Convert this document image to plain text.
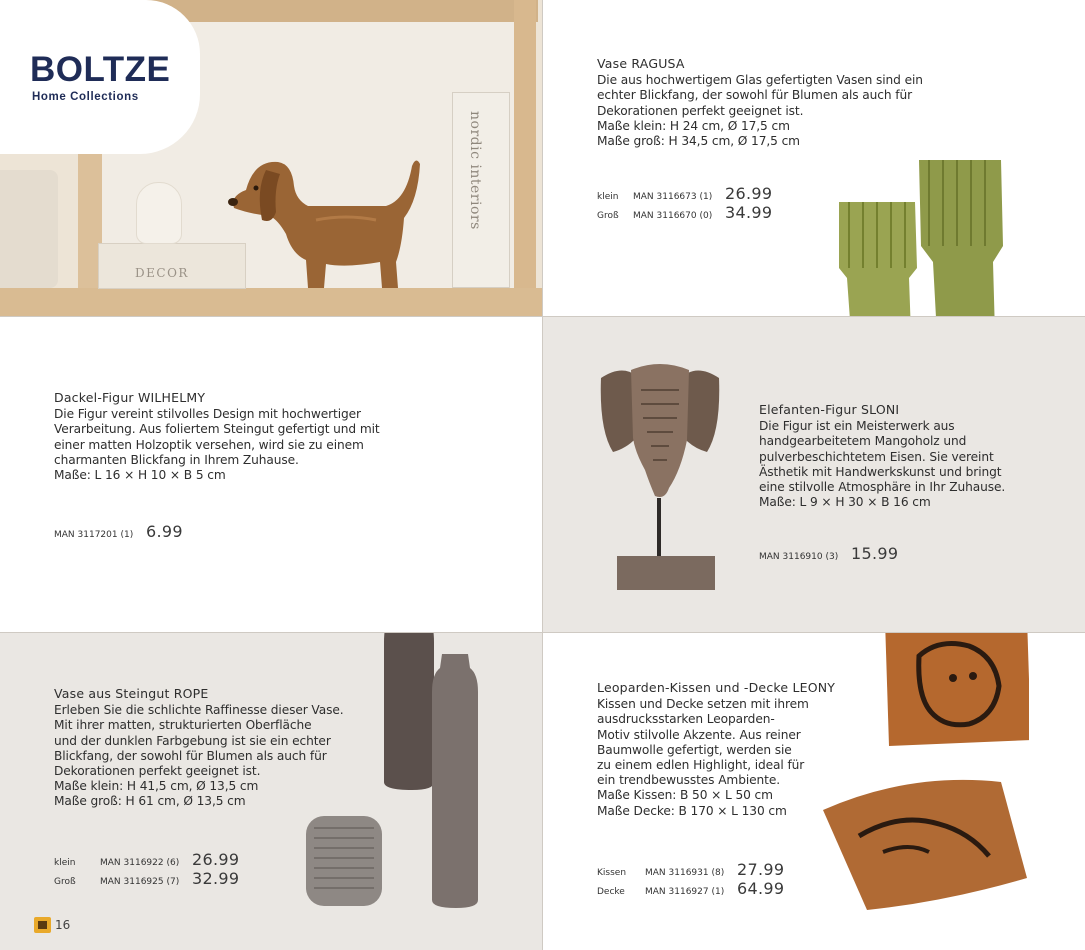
DECOR
nordic interiors
BOLTZE
Home Collections
Vase RAGUSA
Die aus hochwertigem Glas gefertigten Vasen sind ein
echter Blickfang, der sowohl für Blumen als auch für
Dekorationen perfekt geeignet ist.
Maße klein: H 24 cm, Ø 17,5 cm
Maße groß: H 34,5 cm, Ø 17,5 cm
klein	MAN 3116673 (1) 26.99
Groß	MAN 3116670 (0) 34.99
Dackel-Figur WILHELMY
Die Figur vereint stilvolles Design mit hochwertiger
Verarbeitung. Aus foliertem Steingut gefertigt und mit
einer matten Holzoptik versehen, wird sie zu einem
charmanten Blickfang in Ihrem Zuhause.
Maße: L 16 × H 10 × B 5 cm
MAN 3117201 (1) 6.99
Elefanten-Figur SLONI
Die Figur ist ein Meisterwerk aus
handgearbeitetem Mangoholz und
pulverbeschichtetem Eisen. Sie vereint
Ästhetik mit Handwerkskunst und bringt
eine stilvolle Atmosphäre in Ihr Zuhause.
Maße: L 9 × H 30 × B 16 cm
MAN 3116910 (3) 15.99
Vase aus Steingut ROPE
Erleben Sie die schlichte Raffinesse dieser Vase.
Mit ihrer matten, strukturierten Oberfläche
und der dunklen Farbgebung ist sie ein echter
Blickfang, der sowohl für Blumen als auch für
Dekorationen perfekt geeignet ist.
Maße klein: H 41,5 cm, Ø 13,5 cm
Maße groß: H 61 cm, Ø 13,5 cm
klein	MAN 3116922 (6) 26.99
Groß	MAN 3116925 (7) 32.99
16
Leoparden-Kissen und -Decke LEONY
Kissen und Decke setzen mit ihrem
ausdrucksstarken Leoparden-
Motiv stilvolle Akzente. Aus reiner
Baumwolle gefertigt, werden sie
zu einem edlen Highlight, ideal für
ein trendbewusstes Ambiente.
Maße Kissen: B 50 × L 50 cm
Maße Decke: B 170 × L 130 cm
Kissen	MAN 3116931 (8) 27.99
Decke	MAN 3116927 (1) 64.99
